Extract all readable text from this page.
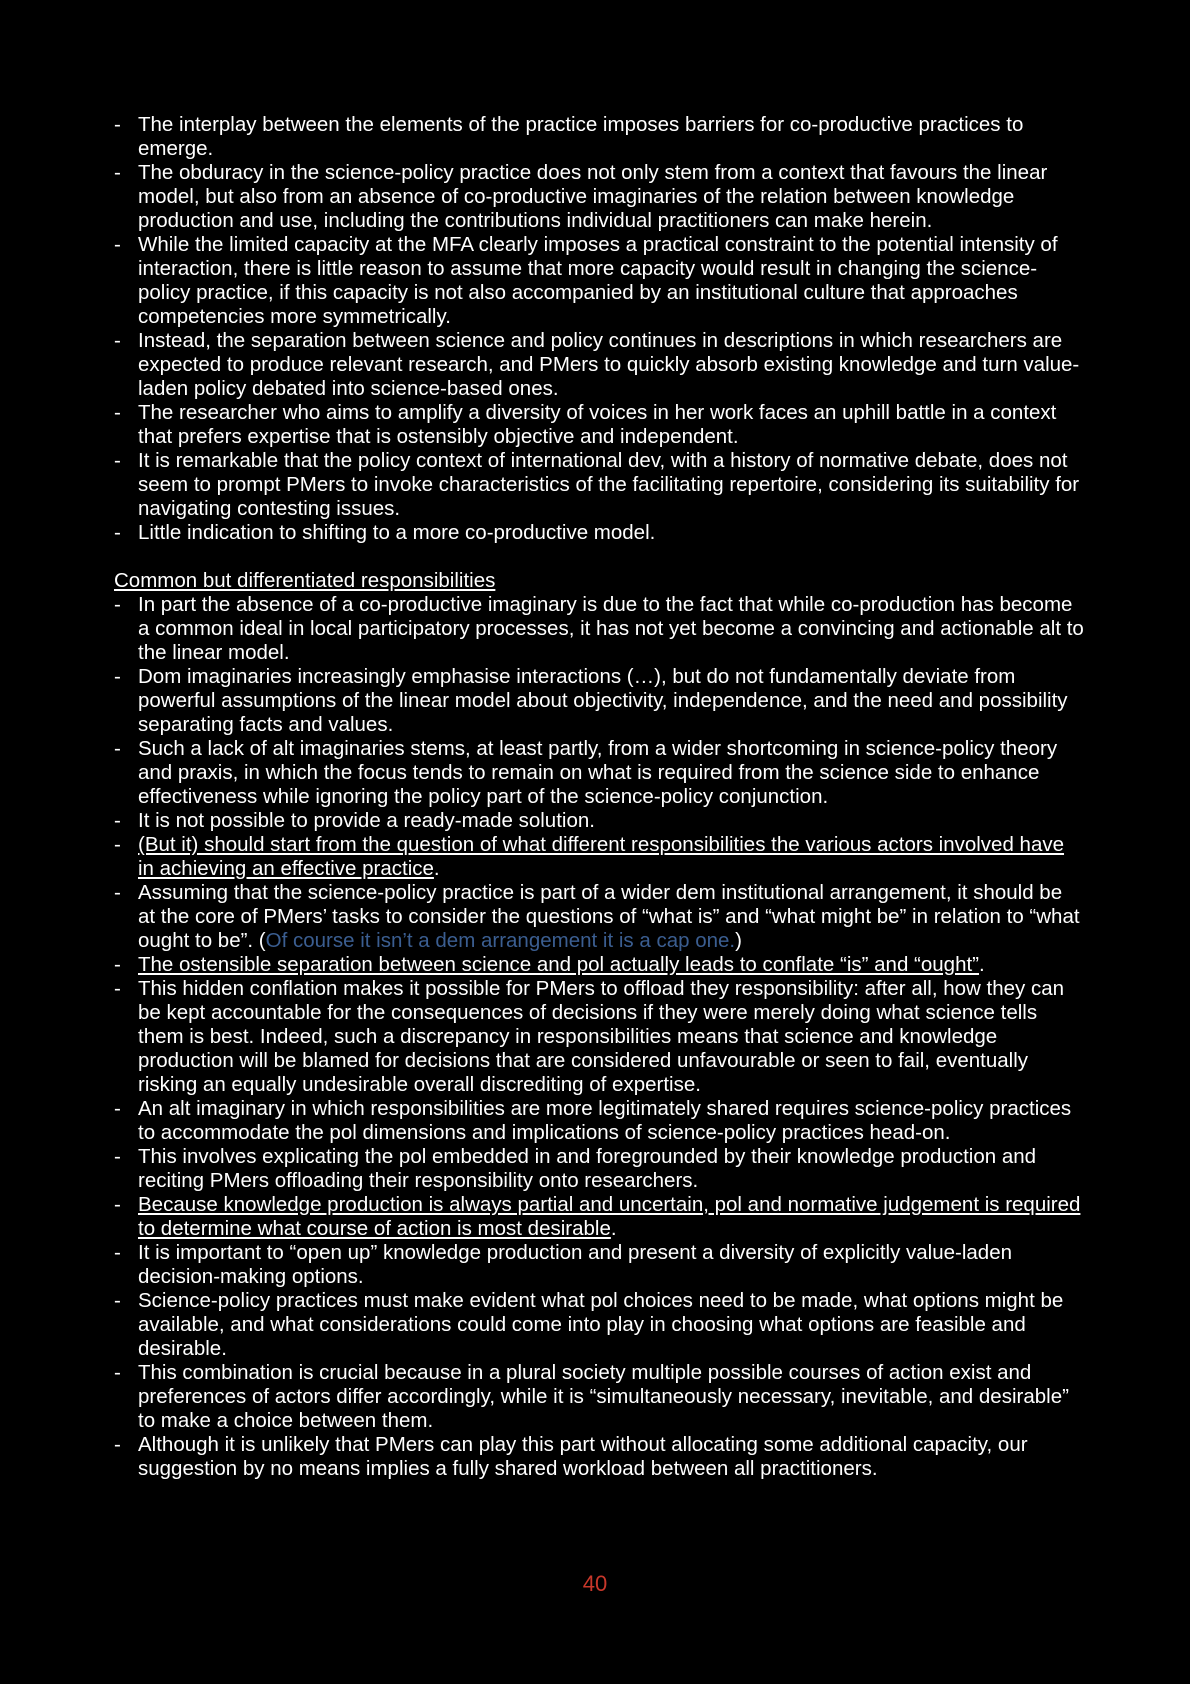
- The interplay between the elements of the practice imposes barriers for co-productive practices to emerge.
- The obduracy in the science-policy practice does not only stem from a context that favours the linear model, but also from an absence of co-productive imaginaries of the relation between knowledge production and use, including the contributions individual practitioners can make herein.
- While the limited capacity at the MFA clearly imposes a practical constraint to the potential intensity of interaction, there is little reason to assume that more capacity would result in changing the science-policy practice, if this capacity is not also accompanied by an institutional culture that approaches competencies more symmetrically.
- Instead, the separation between science and policy continues in descriptions in which researchers are expected to produce relevant research, and PMers to quickly absorb existing knowledge and turn value-laden policy debated into science-based ones.
- The researcher who aims to amplify a diversity of voices in her work faces an uphill battle in a context that prefers expertise that is ostensibly objective and independent.
- It is remarkable that the policy context of international dev, with a history of normative debate, does not seem to prompt PMers to invoke characteristics of the facilitating repertoire, considering its suitability for navigating contesting issues.
- Little indication to shifting to a more co-productive model.
Common but differentiated responsibilities
- In part the absence of a co-productive imaginary is due to the fact that while co-production has become a common ideal in local participatory processes, it has not yet become a convincing and actionable alt to the linear model.
- Dom imaginaries increasingly emphasise interactions (…), but do not fundamentally deviate from powerful assumptions of the linear model about objectivity, independence, and the need and possibility separating facts and values.
- Such a lack of alt imaginaries stems, at least partly, from a wider shortcoming in science-policy theory and praxis, in which the focus tends to remain on what is required from the science side to enhance effectiveness while ignoring the policy part of the science-policy conjunction.
- It is not possible to provide a ready-made solution.
- (But it) should start from the question of what different responsibilities the various actors involved have in achieving an effective practice.
- Assuming that the science-policy practice is part of a wider dem institutional arrangement, it should be at the core of PMers’ tasks to consider the questions of “what is” and “what might be” in relation to “what ought to be”. (Of course it isn’t a dem arrangement it is a cap one.)
- The ostensible separation between science and pol actually leads to conflate “is” and “ought”.
- This hidden conflation makes it possible for PMers to offload they responsibility: after all, how they can be kept accountable for the consequences of decisions if they were merely doing what science tells them is best. Indeed, such a discrepancy in responsibilities means that science and knowledge production will be blamed for decisions that are considered unfavourable or seen to fail, eventually risking an equally undesirable overall discrediting of expertise.
- An alt imaginary in which responsibilities are more legitimately shared requires science-policy practices to accommodate the pol dimensions and implications of science-policy practices head-on.
- This involves explicating the pol embedded in and foregrounded by their knowledge production and reciting PMers offloading their responsibility onto researchers.
- Because knowledge production is always partial and uncertain, pol and normative judgement is required to determine what course of action is most desirable.
- It is important to “open up” knowledge production and present a diversity of explicitly value-laden decision-making options.
- Science-policy practices must make evident what pol choices need to be made, what options might be available, and what considerations could come into play in choosing what options are feasible and desirable.
- This combination is crucial because in a plural society multiple possible courses of action exist and preferences of actors differ accordingly, while it is “simultaneously necessary, inevitable, and desirable” to make a choice between them.
- Although it is unlikely that PMers can play this part without allocating some additional capacity, our suggestion by no means implies a fully shared workload between all practitioners.
40
